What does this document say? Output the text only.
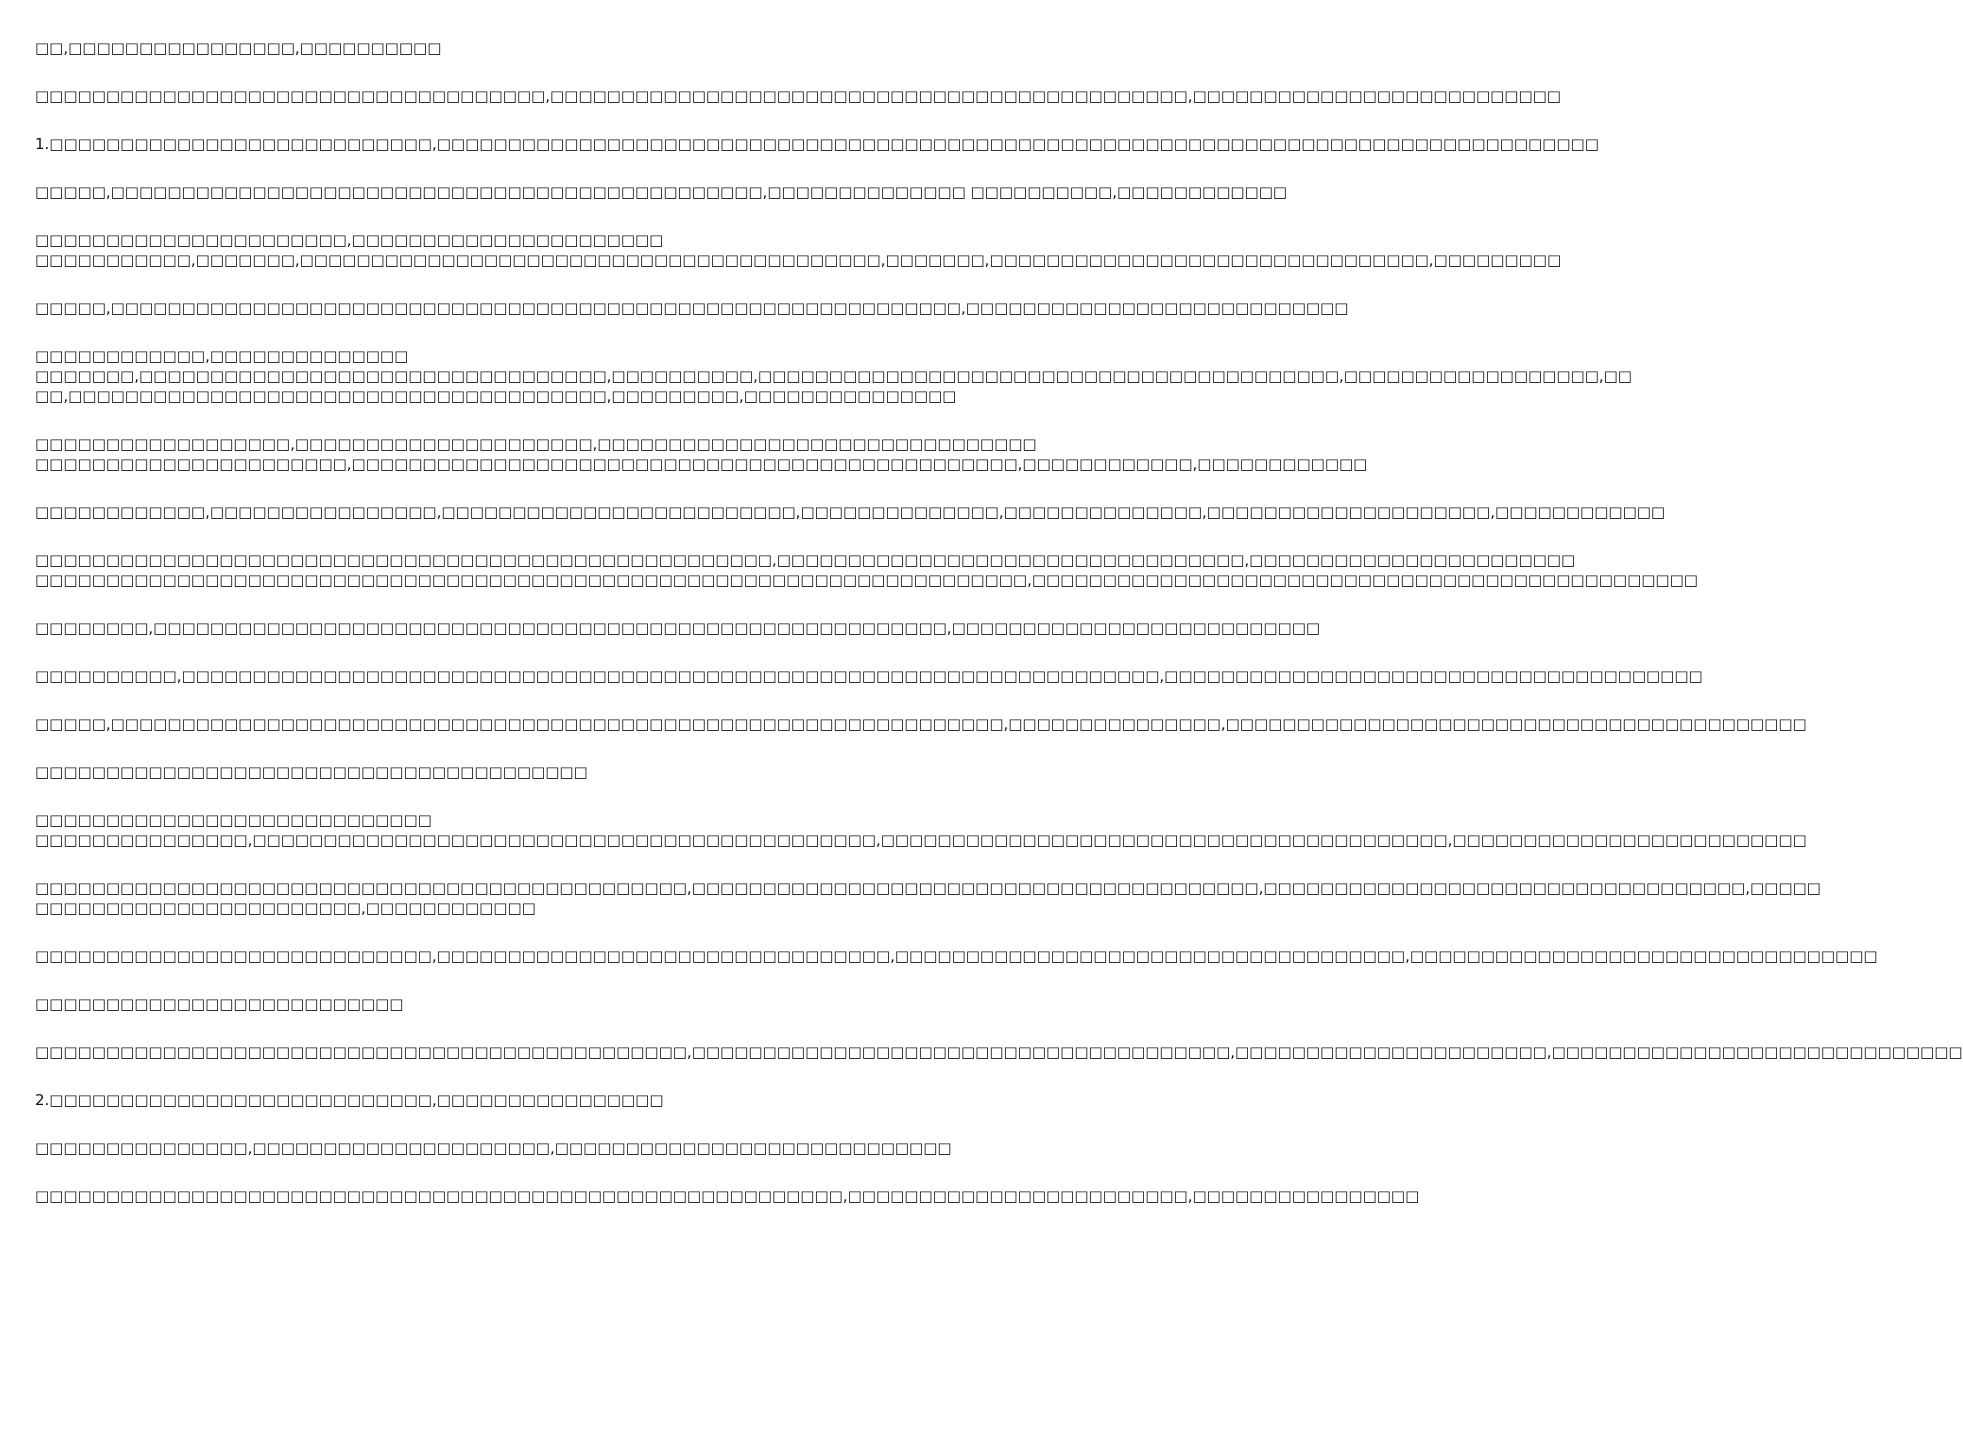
□□,□□□□□□□□□□□□□□□□,□□□□□□□□□□
□□□□□□□□□□□□□□□□□□□□□□□□□□□□□□□□□□□□,□□□□□□□□□□□□□□□□□□□□□□□□□□□□□□□□□□□□□□□□□□□□□,□□□□□□□□□□□□□□□□□□□□□□□□□□
1.□□□□□□□□□□□□□□□□□□□□□□□□□□□,□□□□□□□□□□□□□□□□□□□□□□□□□□□□□□□□□□□□□□□□□□□□□□□□□□□□□□□□□□□□□□□□□□□□□□□□□□□□□□□□□□
□□□□□,□□□□□□□□□□□□□□□□□□□□□□□□□□□□□□□□□□□□□□□□□□□□□□,□□□□□□□□□□□□□□ □□□□□□□□□□,□□□□□□□□□□□□
□□□□□□□□□□□□□□□□□□□□□□,□□□□□□□□□□□□□□□□□□□□□□
□□□□□□□□□□□,□□□□□□□,□□□□□□□□□□□□□□□□□□□□□□□□□□□□□□□□□□□□□□□□□,□□□□□□□,□□□□□□□□□□□□□□□□□□□□□□□□□□□□□□□,□□□□□□□□□
□□□□□,□□□□□□□□□□□□□□□□□□□□□□□□□□□□□□□□□□□□□□□□□□□□□□□□□□□□□□□□□□□□,□□□□□□□□□□□□□□□□□□□□□□□□□□□
□□□□□□□□□□□□,□□□□□□□□□□□□□□
□□□□□□□,□□□□□□□□□□□□□□□□□□□□□□□□□□□□□□□□□,□□□□□□□□□□,□□□□□□□□□□□□□□□□□□□□□□□□□□□□□□□□□□□□□□□□□,□□□□□□□□□□□□□□□□□□,□□
□□,□□□□□□□□□□□□□□□□□□□□□□□□□□□□□□□□□□□□□□,□□□□□□□□□,□□□□□□□□□□□□□□□
□□□□□□□□□□□□□□□□□□,□□□□□□□□□□□□□□□□□□□□□,□□□□□□□□□□□□□□□□□□□□□□□□□□□□□□□
□□□□□□□□□□□□□□□□□□□□□□,□□□□□□□□□□□□□□□□□□□□□□□□□□□□□□□□□□□□□□□□□□□□□□□,□□□□□□□□□□□□,□□□□□□□□□□□□
□□□□□□□□□□□□,□□□□□□□□□□□□□□□□,□□□□□□□□□□□□□□□□□□□□□□□□□,□□□□□□□□□□□□□□,□□□□□□□□□□□□□□,□□□□□□□□□□□□□□□□□□□□,□□□□□□□□□□□□
□□□□□□□□□□□□□□□□□□□□□□□□□□□□□□□□□□□□□□□□□□□□□□□□□□□□,□□□□□□□□□□□□□□□□□□□□□□□□□□□□□□□□□,□□□□□□□□□□□□□□□□□□□□□□□
□□□□□□□□□□□□□□□□□□□□□□□□□□□□□□□□□□□□□□□□□□□□□□□□□□□□□□□□□□□□□□□□□□□□□□,□□□□□□□□□□□□□□□□□□□□□□□□□□□□□□□□□□□□□□□□□□□□□□□
□□□□□□□□,□□□□□□□□□□□□□□□□□□□□□□□□□□□□□□□□□□□□□□□□□□□□□□□□□□□□□□□□,□□□□□□□□□□□□□□□□□□□□□□□□□□
□□□□□□□□□□,□□□□□□□□□□□□□□□□□□□□□□□□□□□□□□□□□□□□□□□□□□□□□□□□□□□□□□□□□□□□□□□□□□□□□,□□□□□□□□□□□□□□□□□□□□□□□□□□□□□□□□□□□□□□
□□□□□,□□□□□□□□□□□□□□□□□□□□□□□□□□□□□□□□□□□□□□□□□□□□□□□□□□□□□□□□□□□□□□□,□□□□□□□□□□□□□□□,□□□□□□□□□□□□□□□□□□□□□□□□□□□□□□□□□□□□□□□□□
□□□□□□□□□□□□□□□□□□□□□□□□□□□□□□□□□□□□□□□
□□□□□□□□□□□□□□□□□□□□□□□□□□□□
□□□□□□□□□□□□□□□,□□□□□□□□□□□□□□□□□□□□□□□□□□□□□□□□□□□□□□□□□□□□,□□□□□□□□□□□□□□□□□□□□□□□□□□□□□□□□□□□□□□□□,□□□□□□□□□□□□□□□□□□□□□□□□□
□□□□□□□□□□□□□□□□□□□□□□□□□□□□□□□□□□□□□□□□□□□□□□,□□□□□□□□□□□□□□□□□□□□□□□□□□□□□□□□□□□□□□□□,□□□□□□□□□□□□□□□□□□□□□□□□□□□□□□□□□□,□□□□□
□□□□□□□□□□□□□□□□□□□□□□□,□□□□□□□□□□□□
□□□□□□□□□□□□□□□□□□□□□□□□□□□□,□□□□□□□□□□□□□□□□□□□□□□□□□□□□□□□□,□□□□□□□□□□□□□□□□□□□□□□□□□□□□□□□□□□□□,□□□□□□□□□□□□□□□□□□□□□□□□□□□□□□□□□
□□□□□□□□□□□□□□□□□□□□□□□□□□
□□□□□□□□□□□□□□□□□□□□□□□□□□□□□□□□□□□□□□□□□□□□□□,□□□□□□□□□□□□□□□□□□□□□□□□□□□□□□□□□□□□□□,□□□□□□□□□□□□□□□□□□□□□□,□□□□□□□□□□□□□□□□□□□□□□□□□□□□□
2.□□□□□□□□□□□□□□□□□□□□□□□□□□□,□□□□□□□□□□□□□□□□
□□□□□□□□□□□□□□□,□□□□□□□□□□□□□□□□□□□□□,□□□□□□□□□□□□□□□□□□□□□□□□□□□□
□□□□□□□□□□□□□□□□□□□□□□□□□□□□□□□□□□□□□□□□□□□□□□□□□□□□□□□□□,□□□□□□□□□□□□□□□□□□□□□□□□,□□□□□□□□□□□□□□□□
